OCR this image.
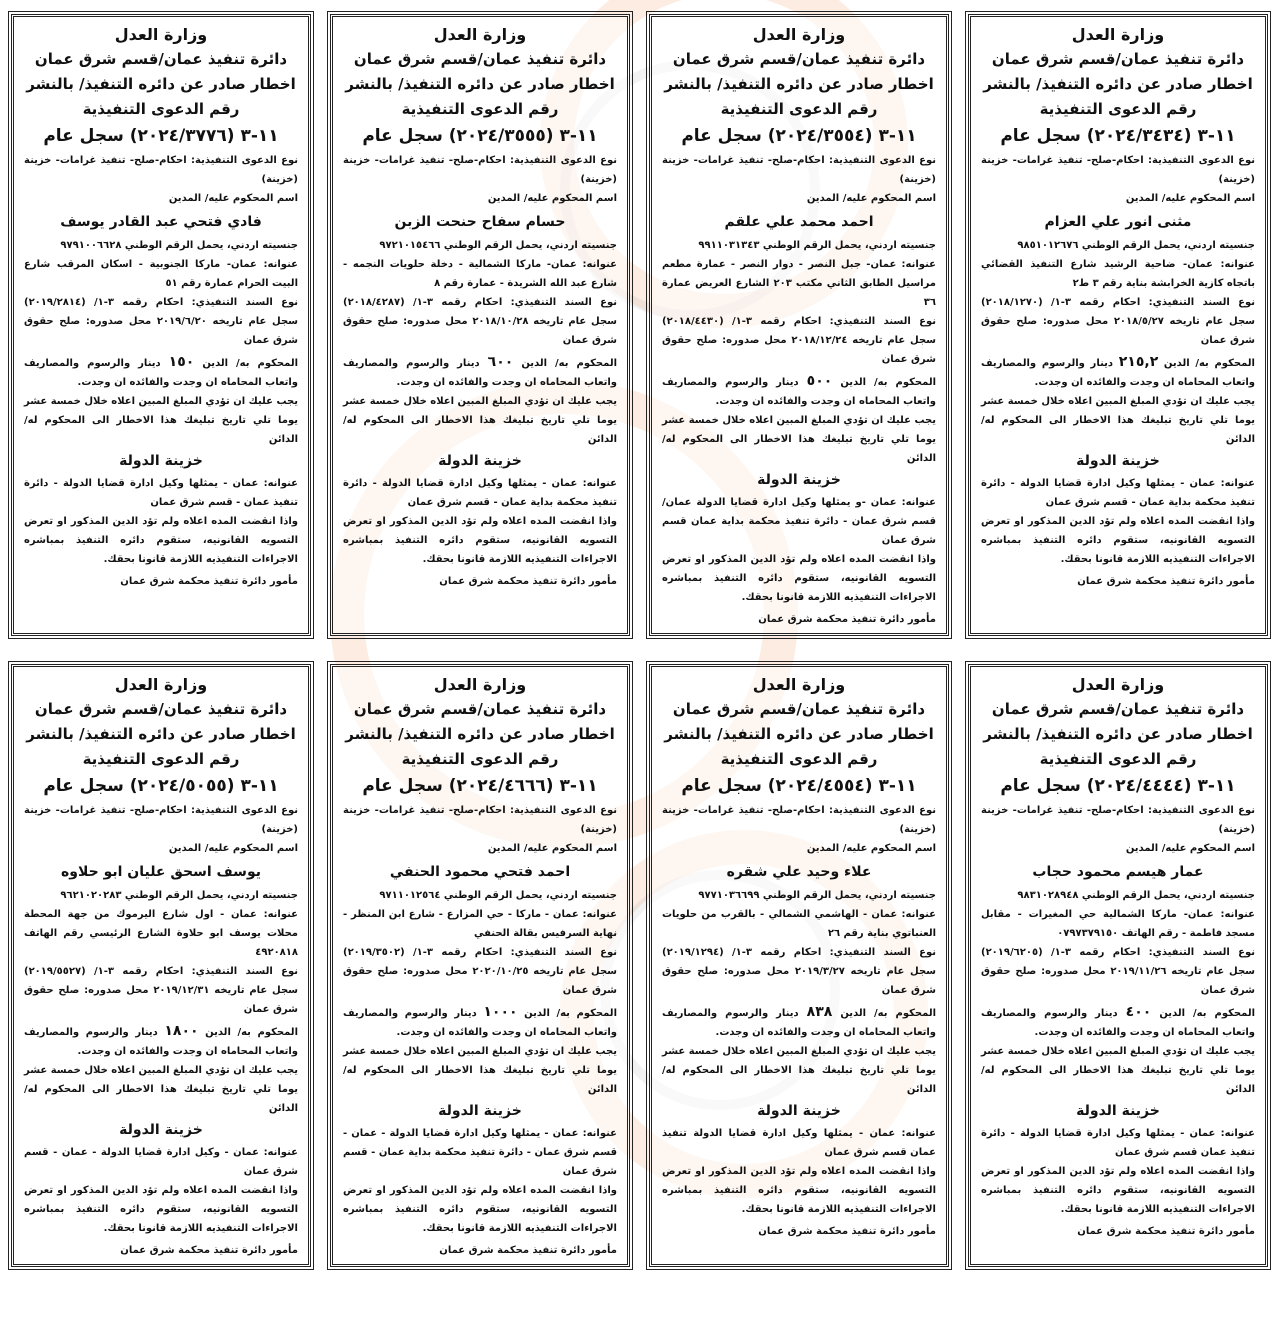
وزارة العدل
دائرة تنفيذ عمان/قسم شرق عمان
اخطار صادر عن دائره التنفيذ/ بالنشر
رقم الدعوى التنفيذية
١١-٣ (٢٠٢٤/٣٤٣٤) سجل عام
نوع الدعوى التنفيذية: احكام-صلح- تنفيذ غرامات- خزينة (خزينة)
اسم المحكوم عليه/ المدين
مثنى انور علي العزام
جنسيته اردني، يحمل الرقم الوطني ٩٨٥١٠١٢٦٧٦
عنوانه: عمان- ضاحية الرشيد شارع التنفيذ القضائي باتجاه كازية الخرابشة بناية رقم ٣ ط٢
نوع السند التنفيذي: احكام رقمه ٣-١/ (٢٠١٨/١٢٧٠) سجل عام تاريخه ٢٠١٨/٥/٢٧ محل صدوره: صلح حقوق شرق عمان
المحكوم به/ الدين ٢١٥,٢ دينار والرسوم والمصاريف واتعاب المحاماه ان وجدت والفائده ان وجدت.
يجب عليك ان تؤدي المبلغ المبين اعلاه خلال خمسة عشر يوما تلي تاريخ تبليغك هذا الاخطار الى المحكوم له/ الدائن
خزينة الدولة
عنوانه: عمان - يمثلها وكيل ادارة قضايا الدولة - دائرة تنفيذ محكمة بداية عمان - قسم شرق عمان
واذا انقضت المده اعلاه ولم تؤد الدين المذكور او تعرض التسويه القانونيه، ستقوم دائره التنفيذ بمباشره الاجراءات التنفيذيه اللازمة قانونا بحقك.
مأمور دائرة تنفيذ محكمة شرق عمان
وزارة العدل
دائرة تنفيذ عمان/قسم شرق عمان
اخطار صادر عن دائره التنفيذ/ بالنشر
رقم الدعوى التنفيذية
١١-٣ (٢٠٢٤/٣٥٥٤) سجل عام
نوع الدعوى التنفيذية: احكام-صلح- تنفيذ غرامات- خزينة (خزينة)
اسم المحكوم عليه/ المدين
احمد محمد علي علقم
جنسيته اردني، يحمل الرقم الوطني ٩٩١١٠٣١٣٤٣
عنوانه: عمان- جبل النصر - دوار النصر - عمارة مطعم مراسيل الطابق الثاني مكتب ٢٠٣ الشارع العريض عمارة ٣٦
نوع السند التنفيذي: احكام رقمه ٣-١/ (٢٠١٨/٤٤٣٠) سجل عام تاريخه ٢٠١٨/١٢/٢٤ محل صدوره: صلح حقوق شرق عمان
المحكوم به/ الدين ٥٠٠ دينار والرسوم والمصاريف واتعاب المحاماه ان وجدت والفائده ان وجدت.
يجب عليك ان تؤدي المبلغ المبين اعلاه خلال خمسة عشر يوما تلي تاريخ تبليغك هذا الاخطار الى المحكوم له/ الدائن
خزينة الدولة
عنوانه: عمان -و يمثلها وكيل ادارة قضايا الدولة عمان/ قسم شرق عمان - دائرة تنفيذ محكمة بداية عمان قسم شرق عمان
واذا انقضت المده اعلاه ولم تؤد الدين المذكور او تعرض التسويه القانونيه، ستقوم دائره التنفيذ بمباشره الاجراءات التنفيذيه اللازمة قانونا بحقك.
مأمور دائرة تنفيذ محكمة شرق عمان
وزارة العدل
دائرة تنفيذ عمان/قسم شرق عمان
اخطار صادر عن دائره التنفيذ/ بالنشر
رقم الدعوى التنفيذية
١١-٣ (٢٠٢٤/٣٥٥٥) سجل عام
نوع الدعوى التنفيذية: احكام-صلح- تنفيذ غرامات- خزينة (خزينة)
اسم المحكوم عليه/ المدين
حسام سفاح حنحت الزبن
جنسيته اردني، يحمل الرقم الوطني ٩٧٢١٠١٥٤٦٦
عنوانه: عمان- ماركا الشمالية - دخلة حلويات النجمه - شارع عبد الله الشريدة - عمارة رقم ٨
نوع السند التنفيذي: احكام رقمه ٣-١/ (٢٠١٨/٤٢٨٧) سجل عام تاريخه ٢٠١٨/١٠/٢٨ محل صدوره: صلح حقوق شرق عمان
المحكوم به/ الدين ٦٠٠ دينار والرسوم والمصاريف واتعاب المحاماه ان وجدت والفائده ان وجدت.
يجب عليك ان تؤدي المبلغ المبين اعلاه خلال خمسة عشر يوما تلي تاريخ تبليغك هذا الاخطار الى المحكوم له/ الدائن
خزينة الدولة
عنوانه: عمان - يمثلها وكيل ادارة قضايا الدولة - دائرة تنفيذ محكمة بداية عمان - قسم شرق عمان
واذا انقضت المده اعلاه ولم تؤد الدين المذكور او تعرض التسويه القانونيه، ستقوم دائره التنفيذ بمباشره الاجراءات التنفيذيه اللازمة قانونا بحقك.
مأمور دائرة تنفيذ محكمة شرق عمان
وزارة العدل
دائرة تنفيذ عمان/قسم شرق عمان
اخطار صادر عن دائره التنفيذ/ بالنشر
رقم الدعوى التنفيذية
١١-٣ (٢٠٢٤/٣٧٧٦) سجل عام
نوع الدعوى التنفيذية: احكام-صلح- تنفيذ غرامات- خزينة (خزينة)
اسم المحكوم عليه/ المدين
فادي فتحي عبد القادر يوسف
جنسيته اردني، يحمل الرقم الوطني ٩٧٩١٠٠٦٦٢٨
عنوانه: عمان- ماركا الجنوبية - اسكان المرقب شارع البيت الحرام عمارة رقم ٥١
نوع السند التنفيذي: احكام رقمه ٣-١/ (٢٠١٩/٢٨١٤) سجل عام تاريخه ٢٠١٩/٦/٢٠ محل صدوره: صلح حقوق شرق عمان
المحكوم به/ الدين ١٥٠ دينار والرسوم والمصاريف واتعاب المحاماه ان وجدت والفائده ان وجدت.
يجب عليك ان تؤدي المبلغ المبين اعلاه خلال خمسة عشر يوما تلي تاريخ تبليغك هذا الاخطار الى المحكوم له/ الدائن
خزينة الدولة
عنوانه: عمان - يمثلها وكيل ادارة قضايا الدولة - دائرة تنفيذ عمان - قسم شرق عمان
واذا انقضت المده اعلاه ولم تؤد الدين المذكور او تعرض التسويه القانونيه، ستقوم دائره التنفيذ بمباشره الاجراءات التنفيذيه اللازمة قانونا بحقك.
مأمور دائرة تنفيذ محكمة شرق عمان
وزارة العدل
دائرة تنفيذ عمان/قسم شرق عمان
اخطار صادر عن دائره التنفيذ/ بالنشر
رقم الدعوى التنفيذية
١١-٣ (٢٠٢٤/٤٤٤٤) سجل عام
نوع الدعوى التنفيذية: احكام-صلح- تنفيذ غرامات- خزينة (خزينة)
اسم المحكوم عليه/ المدين
عمار هيسم محمود حجاب
جنسيته اردني، يحمل الرقم الوطني ٩٨٣١٠٢٨٩٤٨
عنوانه: عمان- ماركا الشمالية حي المغيرات - مقابل مسجد فاطمة - رقم الهاتف ٠٧٩٧٣٧٩١٥٠
نوع السند التنفيذي: احكام رقمه ٣-١/ (٢٠١٩/٦٢٠٥) سجل عام تاريخه ٢٠١٩/١١/٢٦ محل صدوره: صلح حقوق شرق عمان
المحكوم به/ الدين ٤٠٠ دينار والرسوم والمصاريف واتعاب المحاماه ان وجدت والفائده ان وجدت.
يجب عليك ان تؤدي المبلغ المبين اعلاه خلال خمسة عشر يوما تلي تاريخ تبليغك هذا الاخطار الى المحكوم له/ الدائن
خزينة الدولة
عنوانه: عمان - يمثلها وكيل ادارة قضايا الدولة - دائرة تنفيذ عمان قسم شرق عمان
واذا انقضت المده اعلاه ولم تؤد الدين المذكور او تعرض التسويه القانونيه، ستقوم دائره التنفيذ بمباشره الاجراءات التنفيذيه اللازمة قانونا بحقك.
مأمور دائرة تنفيذ محكمة شرق عمان
وزارة العدل
دائرة تنفيذ عمان/قسم شرق عمان
اخطار صادر عن دائره التنفيذ/ بالنشر
رقم الدعوى التنفيذية
١١-٣ (٢٠٢٤/٤٥٥٤) سجل عام
نوع الدعوى التنفيذية: احكام-صلح- تنفيذ غرامات- خزينة (خزينة)
اسم المحكوم عليه/ المدين
علاء وحيد علي شقره
جنسيته اردني، يحمل الرقم الوطني ٩٧٧١٠٣٦٦٩٩
عنوانه: عمان - الهاشمي الشمالي - بالقرب من حلويات العنباتوي بناية رقم ٢٦
نوع السند التنفيذي: احكام رقمه ٣-١/ (٢٠١٩/١٢٩٤) سجل عام تاريخه ٢٠١٩/٣/٢٧ محل صدوره: صلح حقوق شرق عمان
المحكوم به/ الدين ٨٣٨ دينار والرسوم والمصاريف واتعاب المحاماه ان وجدت والفائده ان وجدت.
يجب عليك ان تؤدي المبلغ المبين اعلاه خلال خمسة عشر يوما تلي تاريخ تبليغك هذا الاخطار الى المحكوم له/ الدائن
خزينة الدولة
عنوانه: عمان - يمثلها وكيل ادارة قضايا الدولة تنفيذ عمان قسم شرق عمان
واذا انقضت المده اعلاه ولم تؤد الدين المذكور او تعرض التسويه القانونيه، ستقوم دائره التنفيذ بمباشره الاجراءات التنفيذيه اللازمة قانونا بحقك.
مأمور دائرة تنفيذ محكمة شرق عمان
وزارة العدل
دائرة تنفيذ عمان/قسم شرق عمان
اخطار صادر عن دائره التنفيذ/ بالنشر
رقم الدعوى التنفيذية
١١-٣ (٢٠٢٤/٤٦٦٦) سجل عام
نوع الدعوى التنفيذية: احكام-صلح- تنفيذ غرامات- خزينة (خزينة)
اسم المحكوم عليه/ المدين
احمد فتحي محمود الحنفي
جنسيته اردني، يحمل الرقم الوطني ٩٧١١٠١٢٥٦٤
عنوانه: عمان - ماركا - حي المزارع - شارع ابن المنظر - نهاية السرفيس بقالة الحنفي
نوع السند التنفيذي: احكام رقمه ٣-١/ (٢٠١٩/٣٥٠٢) سجل عام تاريخه ٢٠٢٠/١٠/٢٥ محل صدوره: صلح حقوق شرق عمان
المحكوم به/ الدين ١٠٠٠ دينار والرسوم والمصاريف واتعاب المحاماه ان وجدت والفائده ان وجدت.
يجب عليك ان تؤدي المبلغ المبين اعلاه خلال خمسة عشر يوما تلي تاريخ تبليغك هذا الاخطار الى المحكوم له/ الدائن
خزينة الدولة
عنوانه: عمان - يمثلها وكيل ادارة قضايا الدولة - عمان - قسم شرق عمان - دائرة تنفيذ محكمة بداية عمان - قسم شرق عمان
واذا انقضت المده اعلاه ولم تؤد الدين المذكور او تعرض التسويه القانونيه، ستقوم دائره التنفيذ بمباشره الاجراءات التنفيذيه اللازمة قانونا بحقك.
مأمور دائرة تنفيذ محكمة شرق عمان
وزارة العدل
دائرة تنفيذ عمان/قسم شرق عمان
اخطار صادر عن دائره التنفيذ/ بالنشر
رقم الدعوى التنفيذية
١١-٣ (٢٠٢٤/٥٠٥٥) سجل عام
نوع الدعوى التنفيذية: احكام-صلح- تنفيذ غرامات- خزينة (خزينة)
اسم المحكوم عليه/ المدين
يوسف اسحق عليان ابو حلاوه
جنسيته اردني، يحمل الرقم الوطني ٩٦٢١٠٢٠٢٨٣
عنوانه: عمان - اول شارع اليرموك من جهة المحطة محلات يوسف ابو حلاوة الشارع الرئيسي رقم الهاتف ٤٩٢٠٨١٨
نوع السند التنفيذي: احكام رقمه ٣-١/ (٢٠١٩/٥٥٢٧) سجل عام تاريخه ٢٠١٩/١٢/٣١ محل صدوره: صلح حقوق شرق عمان
المحكوم به/ الدين ١٨٠٠ دينار والرسوم والمصاريف واتعاب المحاماه ان وجدت والفائده ان وجدت.
يجب عليك ان تؤدي المبلغ المبين اعلاه خلال خمسة عشر يوما تلي تاريخ تبليغك هذا الاخطار الى المحكوم له/ الدائن
خزينة الدولة
عنوانه: عمان - وكيل ادارة قضايا الدولة - عمان - قسم شرق عمان
واذا انقضت المده اعلاه ولم تؤد الدين المذكور او تعرض التسويه القانونيه، ستقوم دائره التنفيذ بمباشره الاجراءات التنفيذيه اللازمة قانونا بحقك.
مأمور دائرة تنفيذ محكمة شرق عمان
